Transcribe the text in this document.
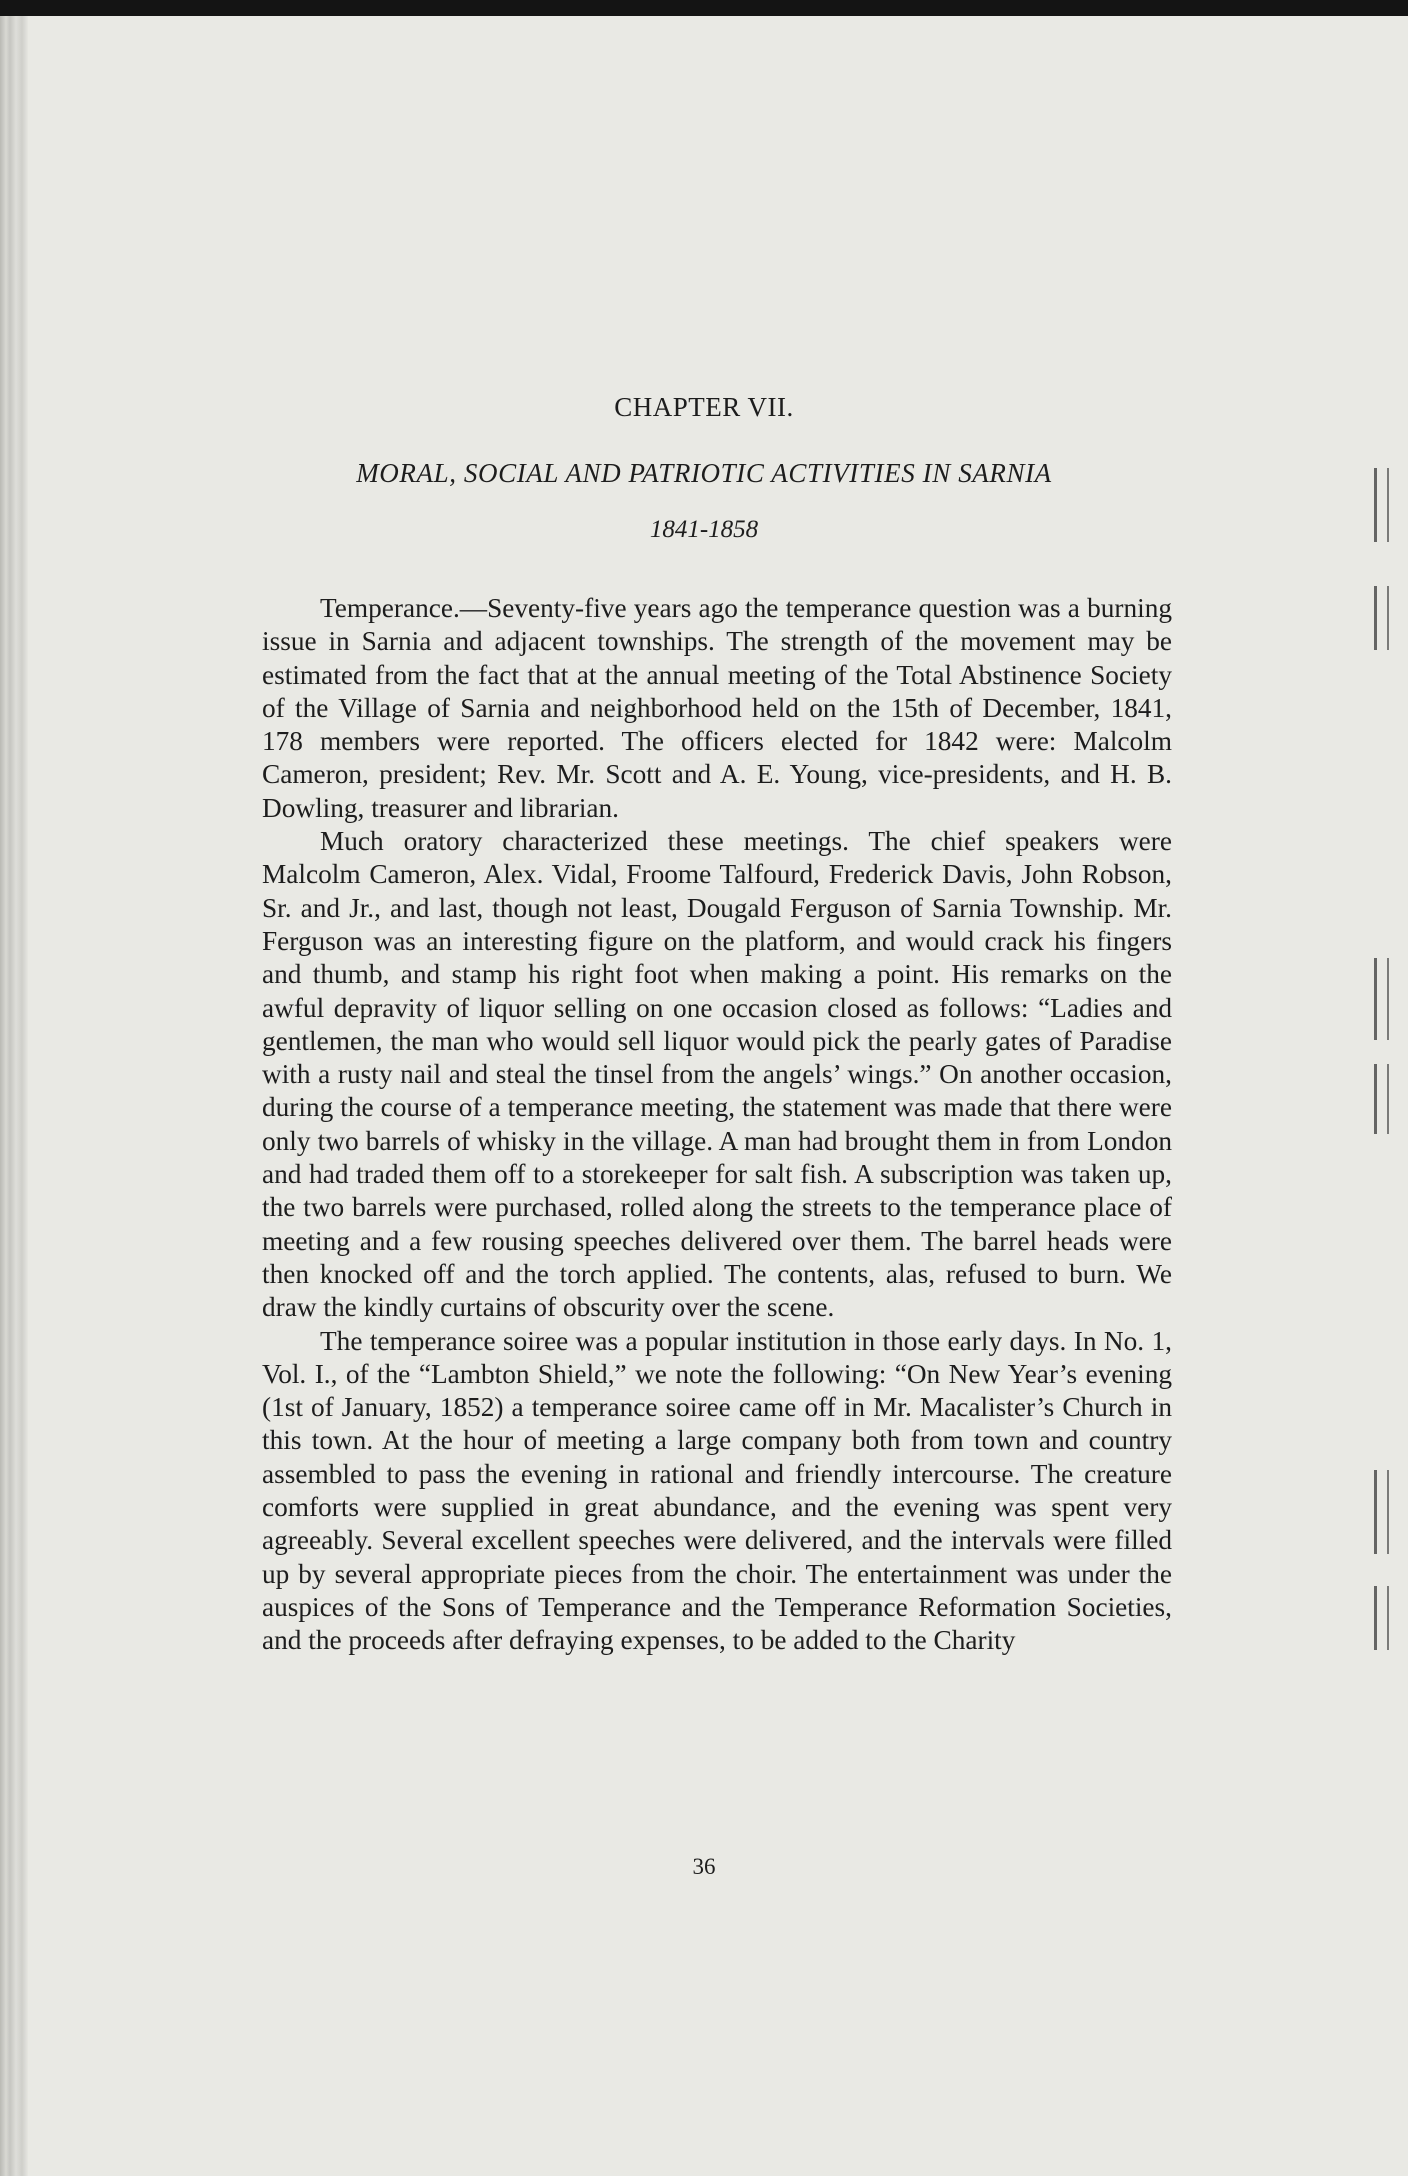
CHAPTER VII.
MORAL, SOCIAL AND PATRIOTIC ACTIVITIES IN SARNIA
1841-1858

Temperance.—Seventy-five years ago the temperance question was a burning issue in Sarnia and adjacent townships. The strength of the movement may be estimated from the fact that at the annual meeting of the Total Abstinence Society of the Village of Sarnia and neighborhood held on the 15th of December, 1841, 178 members were reported. The officers elected for 1842 were: Malcolm Cameron, president; Rev. Mr. Scott and A. E. Young, vice-presidents, and H. B. Dowling, treasurer and librarian.

Much oratory characterized these meetings. The chief speakers were Malcolm Cameron, Alex. Vidal, Froome Talfourd, Frederick Davis, John Robson, Sr. and Jr., and last, though not least, Dougald Ferguson of Sarnia Township. Mr. Ferguson was an interesting figure on the platform, and would crack his fingers and thumb, and stamp his right foot when making a point. His remarks on the awful depravity of liquor selling on one occasion closed as follows: “Ladies and gentlemen, the man who would sell liquor would pick the pearly gates of Paradise with a rusty nail and steal the tinsel from the angels’ wings.” On another occasion, during the course of a temperance meeting, the statement was made that there were only two barrels of whisky in the village. A man had brought them in from London and had traded them off to a storekeeper for salt fish. A subscription was taken up, the two barrels were purchased, rolled along the streets to the temperance place of meeting and a few rousing speeches delivered over them. The barrel heads were then knocked off and the torch applied. The contents, alas, refused to burn. We draw the kindly curtains of obscurity over the scene.

The temperance soiree was a popular institution in those early days. In No. 1, Vol. I., of the “Lambton Shield,” we note the following: “On New Year’s evening (1st of January, 1852) a temperance soiree came off in Mr. Macalister’s Church in this town. At the hour of meeting a large company both from town and country assembled to pass the evening in rational and friendly intercourse. The creature comforts were supplied in great abundance, and the evening was spent very agreeably. Several excellent speeches were delivered, and the intervals were filled up by several appropriate pieces from the choir. The entertainment was under the auspices of the Sons of Temperance and the Temperance Reformation Societies, and the proceeds after defraying expenses, to be added to the Charity

36
